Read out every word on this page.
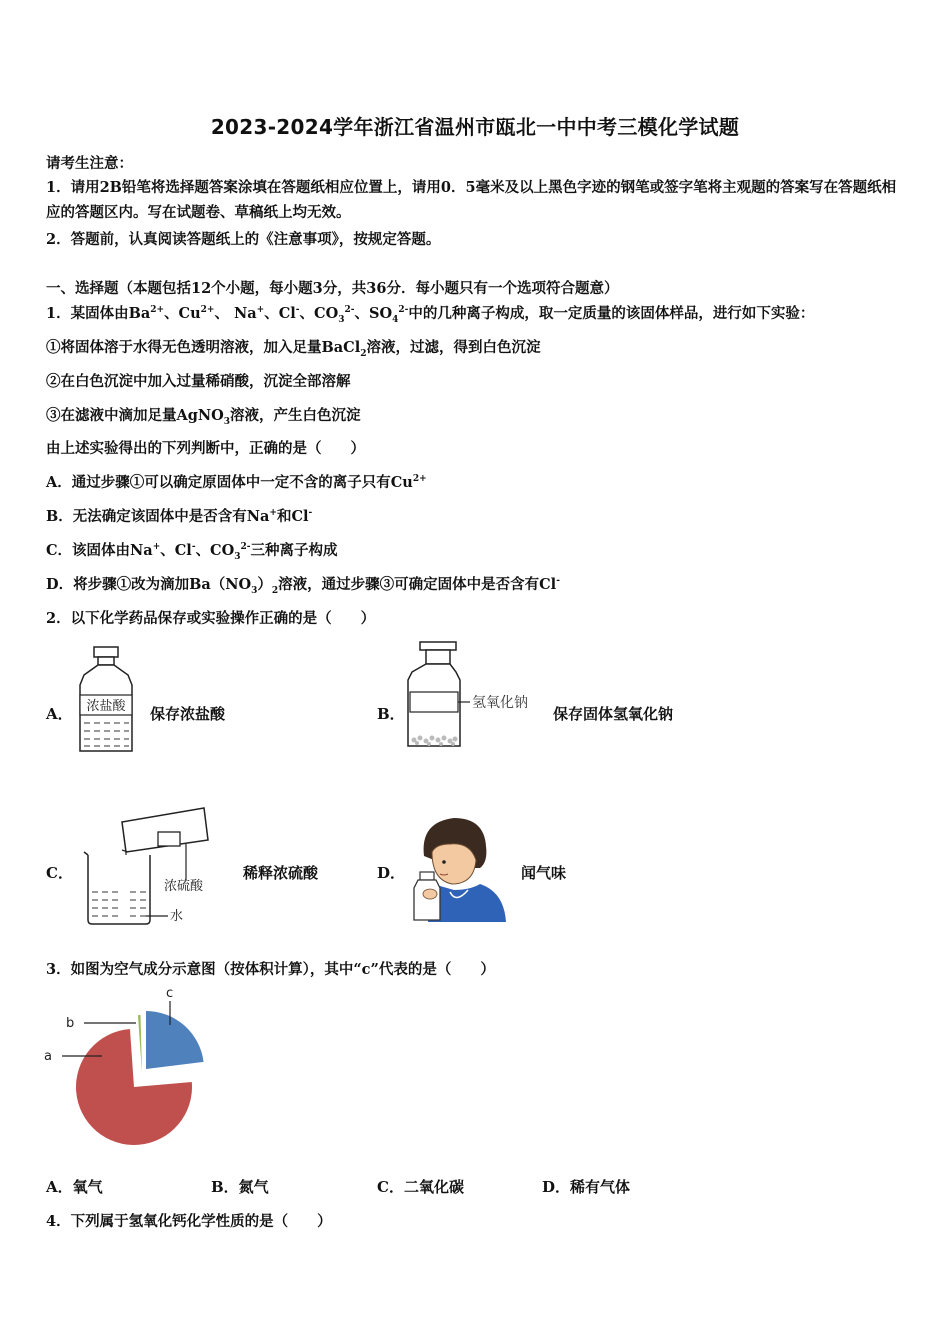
2023-2024学年浙江省温州市瓯北一中中考三模化学试题
请考生注意：
1．请用2B铅笔将选择题答案涂填在答题纸相应位置上，请用0．5毫米及以上黑色字迹的钢笔或签字笔将主观题的答案写在答题纸相应的答题区内。写在试题卷、草稿纸上均无效。
2．答题前，认真阅读答题纸上的《注意事项》，按规定答题。
一、选择题（本题包括12个小题，每小题3分，共36分．每小题只有一个选项符合题意）
1．某固体由$Ba^{2+}$、$Cu^{2+}$、 Na+、Cl-、$CO_3^{2-}$、$SO_4^{2-}$中的几种离子构成，取一定质量的该固体样品，进行如下实验：
①将固体溶于水得无色透明溶液，加入足量BaCl$_2$溶液，过滤，得到白色沉淀
②在白色沉淀中加入过量稀硝酸，沉淀全部溶解
③在滤液中滴加足量AgNO$_3$溶液，产生白色沉淀
由上述实验得出的下列判断中，正确的是（　　）
A．通过步骤①可以确定原固体中一定不含的离子只有$Cu^{2+}$
B．无法确定该固体中是否含有Na+和Cl-
C．该固体由Na+、Cl-、$CO_3^{2-}$三种离子构成
D．将步骤①改为滴加$Ba(NO_3)_2$溶液，通过步骤③可确定固体中是否含有Cl-
2．以下化学药品保存或实验操作正确的是（　　）
A． 浓盐酸 保存浓盐酸	B．
氢氧化钠
保存固体氢氧化钠
C．
浓硫酸
水
稀释浓硫酸	D．	闻气味
3．如图为空气成分示意图（按体积计算），其中“c”代表的是（　　）
a
b
c
A．氧气	B．氮气	C．二氧化碳	D．稀有气体
4．下列属于氢氧化钙化学性质的是（　　）
